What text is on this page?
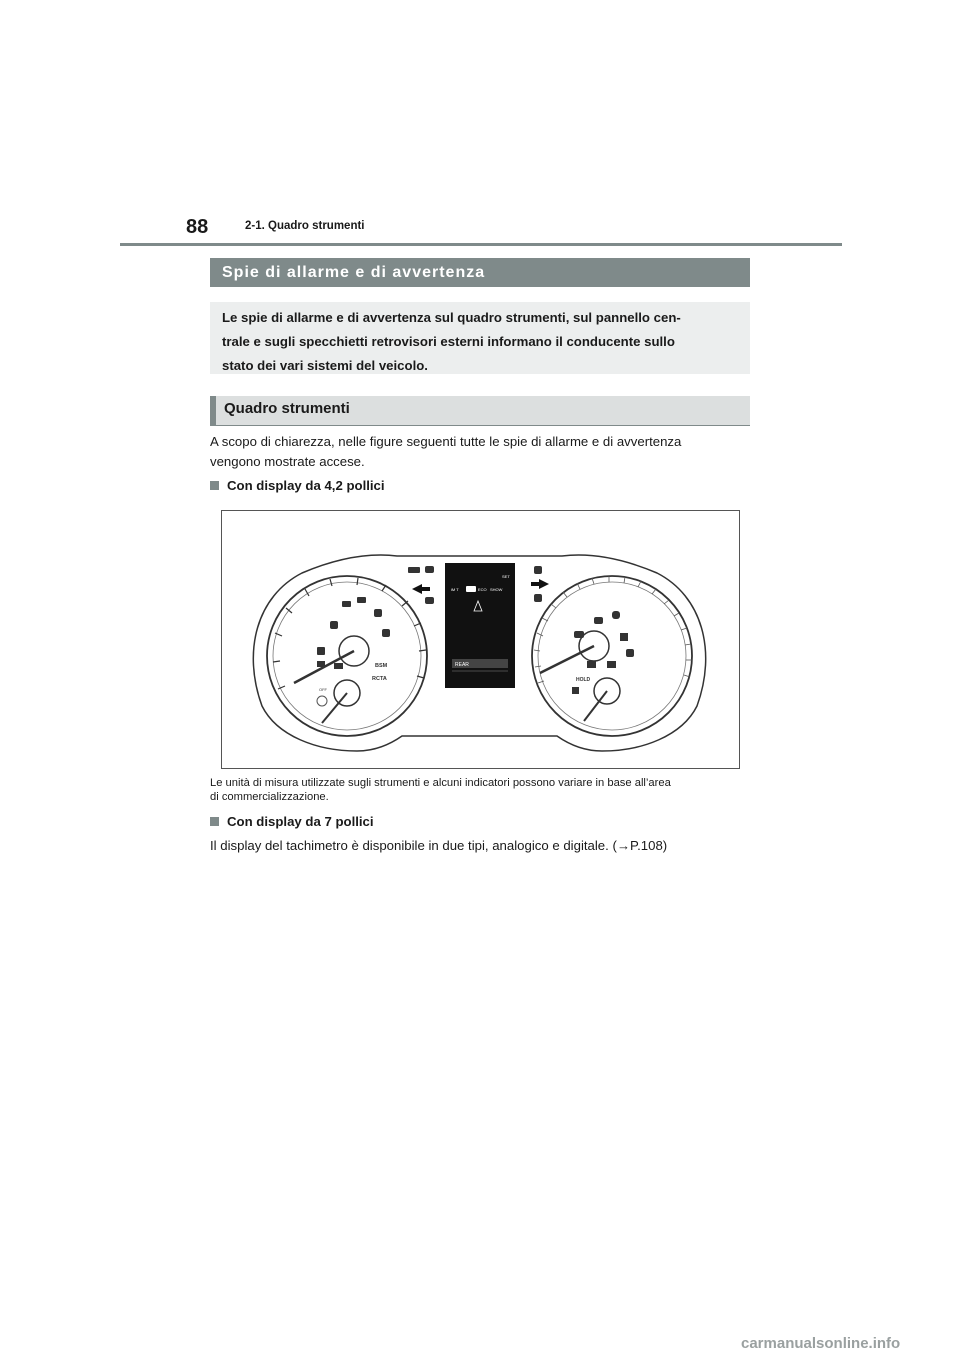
88	2-1. Quadro strumenti
Spie di allarme e di avvertenza
Le spie di allarme e di avvertenza sul quadro strumenti, sul pannello cen-
trale e sugli specchietti retrovisori esterni informano il conducente sullo
stato dei vari sistemi del veicolo.
Quadro strumenti
A scopo di chiarezza, nelle figure seguenti tutte le spie di allarme e di avvertenza
vengono mostrate accese.
Con display da 4,2 pollici
BSM
RCTA
OFF
iM T	ECO SHOW
SET
REAR
HOLD
Le unità di misura utilizzate sugli strumenti e alcuni indicatori possono variare in base all’area
di commercializzazione.
Con display da 7 pollici
Il display del tachimetro è disponibile in due tipi, analogico e digitale. (→P.108)
carmanualsonline.info
